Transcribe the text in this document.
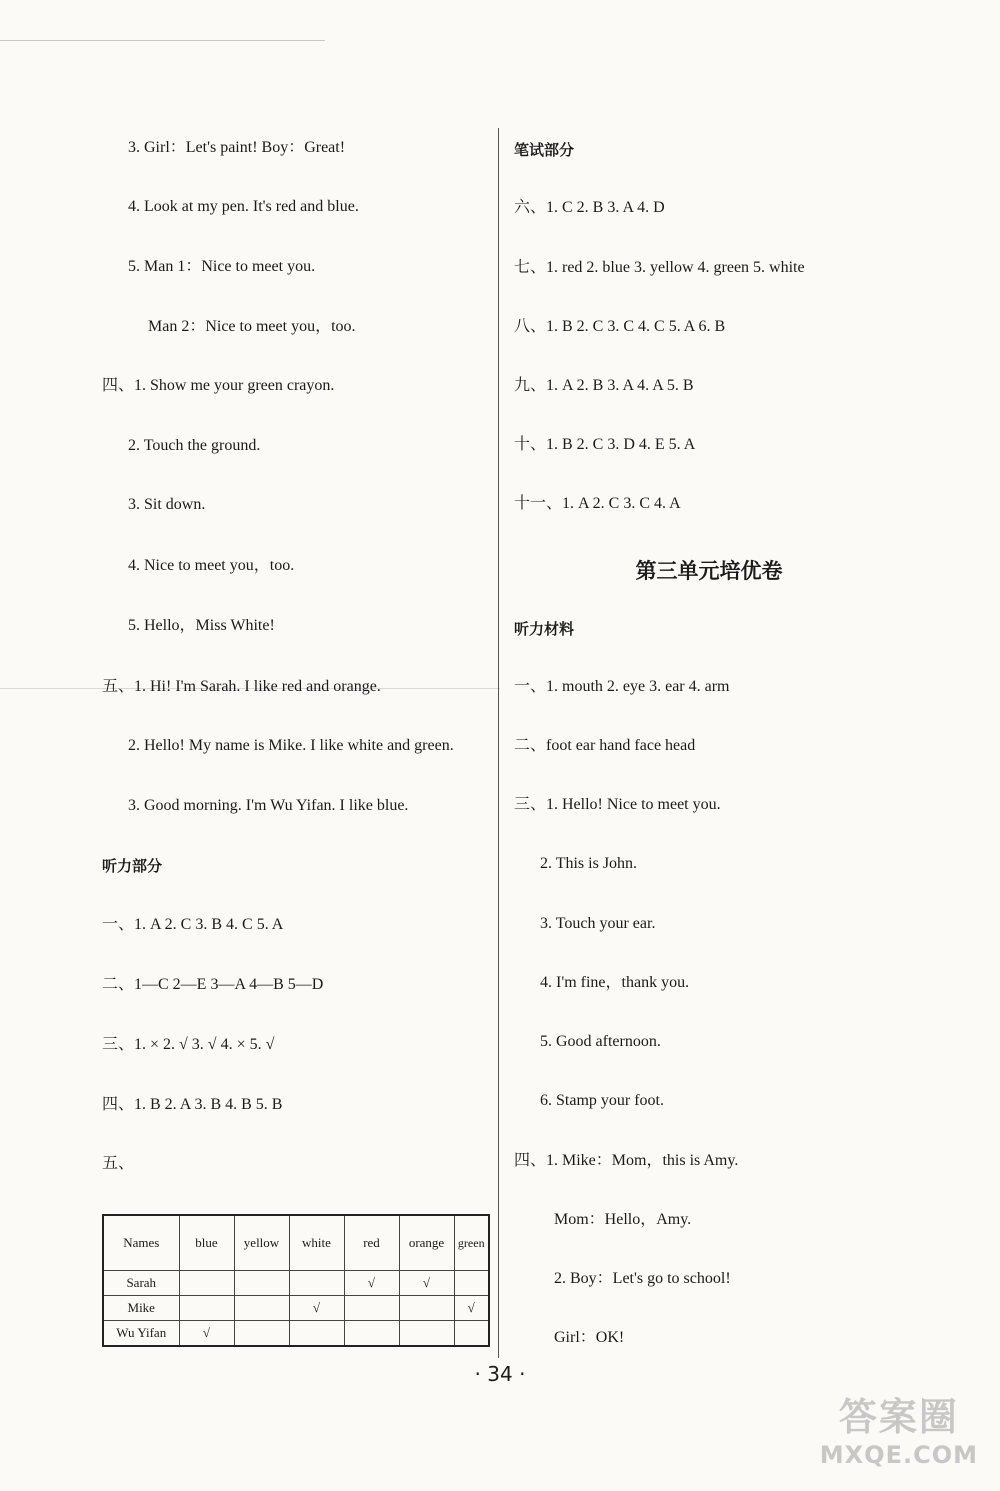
3. Girl：Let's paint! Boy：Great!
4. Look at my pen. It's red and blue.
5. Man 1：Nice to meet you.
Man 2：Nice to meet you，too.
四、1. Show me your green crayon.
2. Touch the ground.
3. Sit down.
4. Nice to meet you，too.
5. Hello，Miss White!
五、1. Hi! I'm Sarah. I like red and orange.
2. Hello! My name is Mike. I like white and green.
3. Good morning. I'm Wu Yifan. I like blue.
听力部分
一、1. A 2. C 3. B 4. C 5. A
二、1—C 2—E 3—A 4—B 5—D
三、1. × 2. √ 3. √ 4. × 5. √
四、1. B 2. A 3. B 4. B 5. B
五、
Names	blue	yellow	white	red	orange	green
Sarah				√	√	
Mike			√			√
Wu Yifan	√					
笔试部分
六、1. C 2. B 3. A 4. D
七、1. red 2. blue 3. yellow 4. green 5. white
八、1. B 2. C 3. C 4. C 5. A 6. B
九、1. A 2. B 3. A 4. A 5. B
十、1. B 2. C 3. D 4. E 5. A
十一、1. A 2. C 3. C 4. A
第三单元培优卷
听力材料
一、1. mouth 2. eye 3. ear 4. arm
二、foot ear hand face head
三、1. Hello! Nice to meet you.
2. This is John.
3. Touch your ear.
4. I'm fine，thank you.
5. Good afternoon.
6. Stamp your foot.
四、1. Mike：Mom，this is Amy.
Mom：Hello，Amy.
2. Boy：Let's go to school!
Girl：OK!
· 34 ·
答案圈
MXQE.COM
